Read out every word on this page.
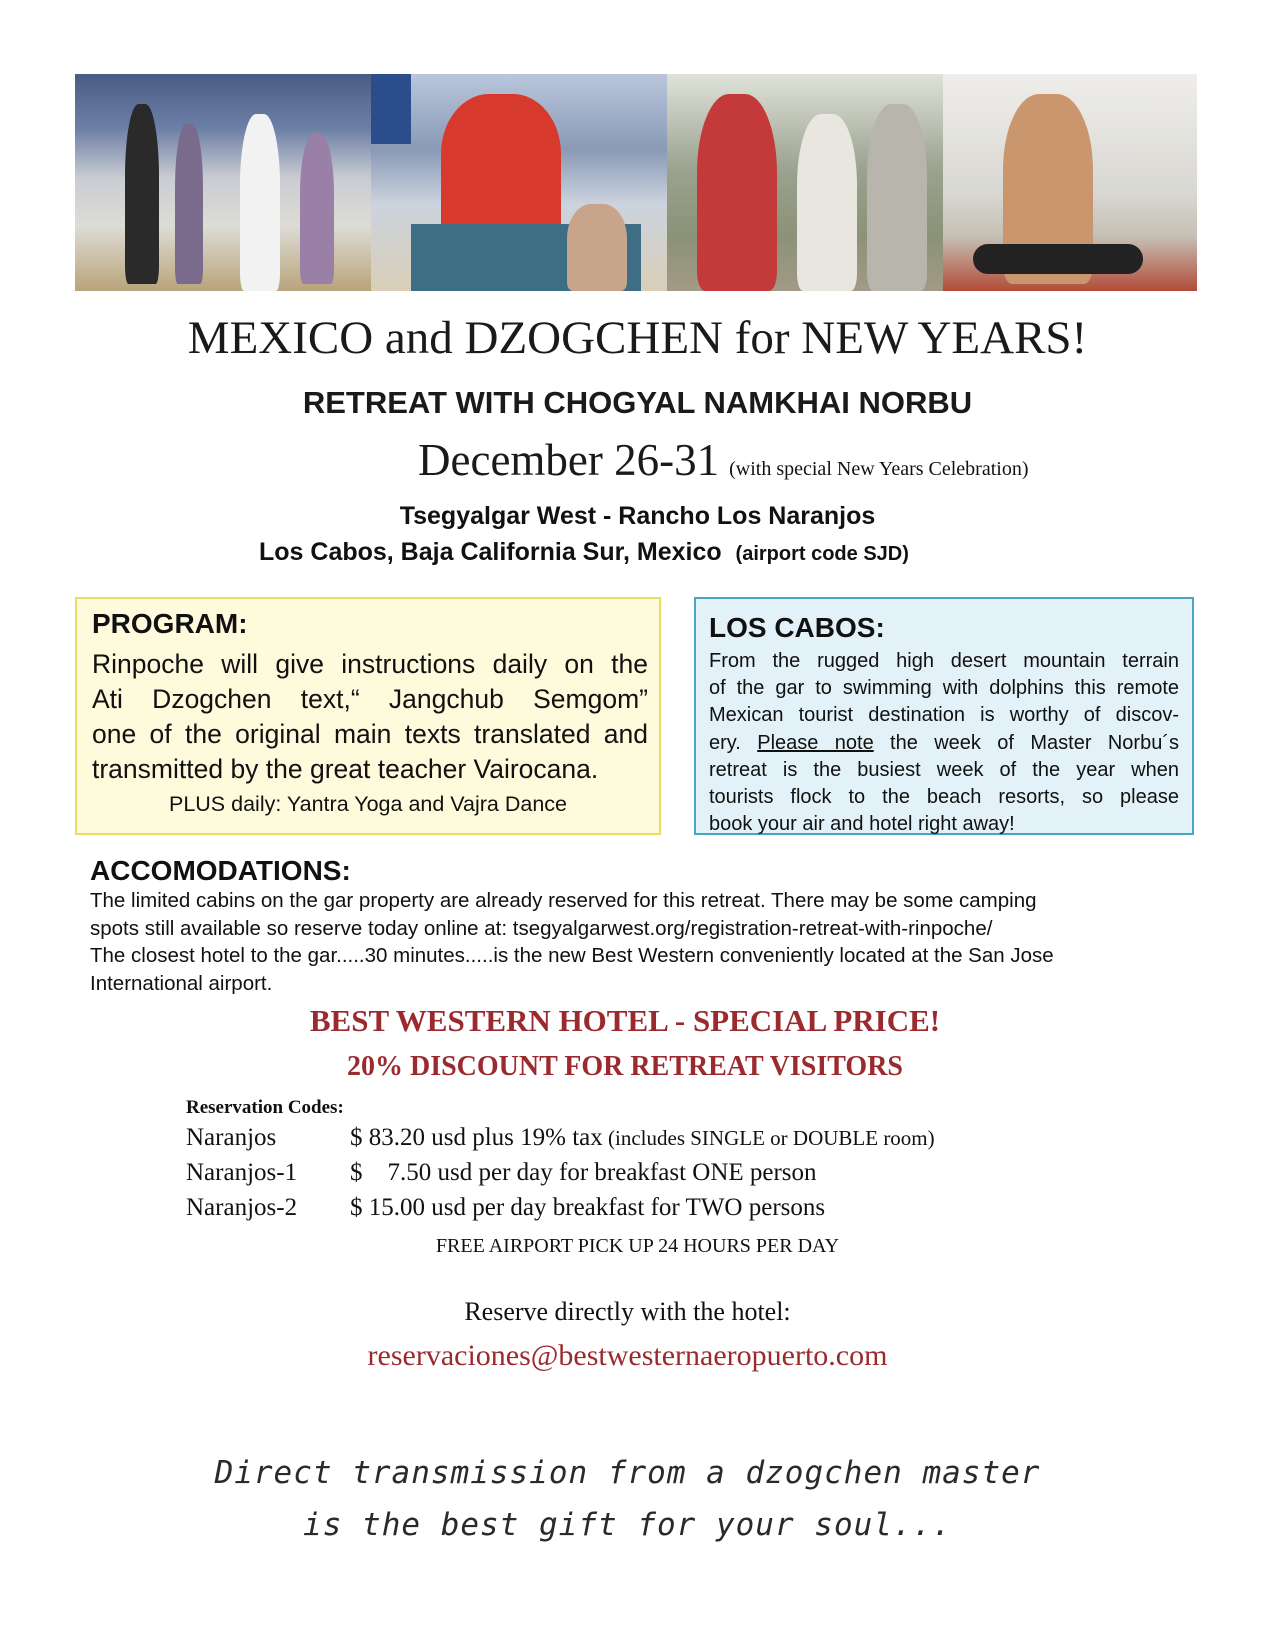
MEXICO and DZOGCHEN for NEW YEARS!
RETREAT WITH CHOGYAL NAMKHAI NORBU
December 26-31 (with special New Years Celebration)
Tsegyalgar West - Rancho Los Naranjos
Los Cabos, Baja California Sur, Mexico (airport code SJD)
PROGRAM:
Rinpoche will give instructions daily on the
Ati Dzogchen text,“ Jangchub Semgom”
one of the original main texts translated and
transmitted by the great teacher Vairocana.
PLUS daily: Yantra Yoga and Vajra Dance
LOS CABOS:
From the rugged high desert mountain terrain
of the gar to swimming with dolphins this remote
Mexican tourist destination is worthy of discov-
ery. Please note the week of Master Norbu´s
retreat is the busiest week of the year when
tourists flock to the beach resorts, so please
book your air and hotel right away!
ACCOMODATIONS:
The limited cabins on the gar property are already reserved for this retreat. There may be some camping
spots still available so reserve today online at: tsegyalgarwest.org/registration-retreat-with-rinpoche/
The closest hotel to the gar.....30 minutes.....is the new Best Western conveniently located at the San Jose
International airport.
BEST WESTERN HOTEL - SPECIAL PRICE!
20% DISCOUNT FOR RETREAT VISITORS
Reservation Codes:
Naranjos	$ 83.20 usd plus 19% tax (includes SINGLE or DOUBLE room)
Naranjos-1 $    7.50 usd per day for breakfast ONE person
Naranjos-2 $ 15.00 usd per day breakfast for TWO persons
FREE AIRPORT PICK UP 24 HOURS PER DAY
Reserve directly with the hotel:
reservaciones@bestwesternaeropuerto.com
Direct transmission from a dzogchen master
is the best gift for your soul...
